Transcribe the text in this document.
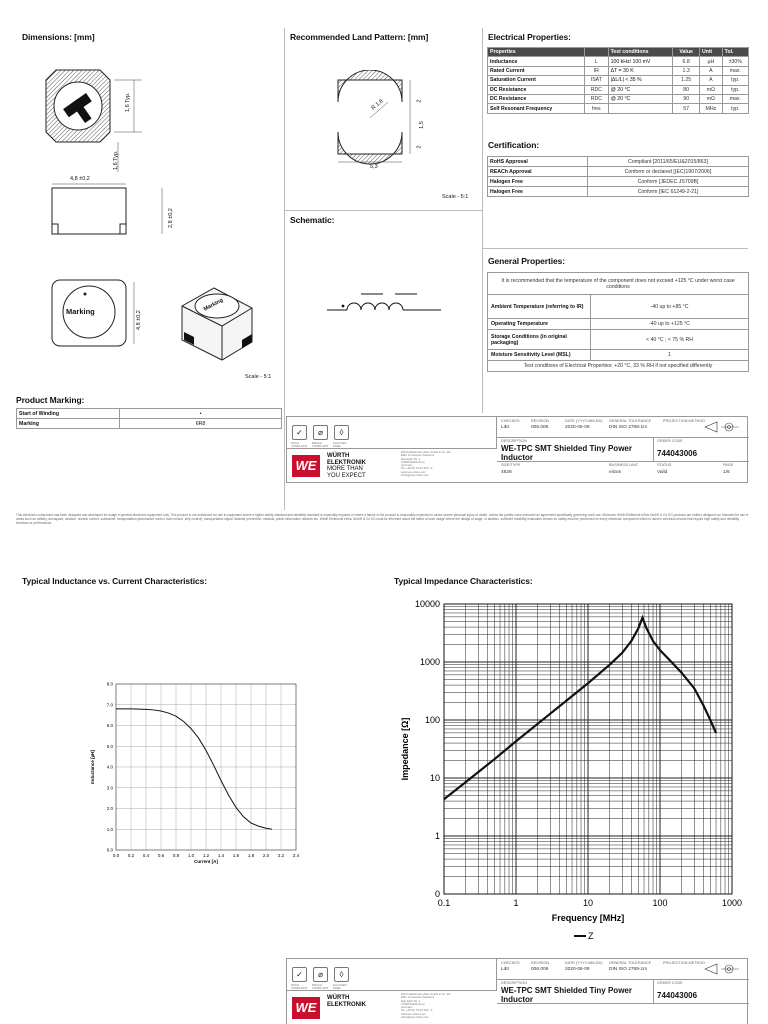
Dimensions: [mm]	Recommended Land Pattern: [mm]	Electrical Properties:
Certification:
Schematic:
General Properties:
Product Marking:
Scale - 5:1
Scale - 5:1
1,6 Typ.
1,6 Typ.
4,8 ±0,2
2,8 ±0,2
4,8 ±0,2
Marking	Marking
5,3
R 1,8	2
1,5
2
Properties		Test conditions	Value	Unit	Tol.
Inductance	L	100 kHz/ 100 mV	6.8	µH	±30%
Rated Current	IR	ΔT = 30 K	1.3	A	max.
Saturation Current	ISAT	|ΔL/L| < 35 %	1.25	A	typ.
DC Resistance	RDC	@ 20 °C	80	mΩ	typ.
DC Resistance	RDC	@ 20 °C	90	mΩ	max.
Self Resonant Frequency	fres		57	MHz	typ.
RoHS Approval	Compliant [2011/65/EU&2015/863]
REACh Approval	Conform or declared [(EC)1907/2006]
Halogen Free	Conform [JEDEC JS709B]
Halogen Free	Conform [IEC 61249-2-21]
It is recommended that the temperature of the component does not exceed +125 °C under worst case conditions	
Ambient Temperature (referring to IR)	-40 up to +85 °C
Operating Temperature	-40 up to +125 °C
Storage Conditions (in original packaging)	< 40 °C ; < 75 % RH
Moisture Sensitivity Level (MSL)	1
Test conditions of Electrical Properties: +20 °C, 33 % RH if not specified differently	
Start of Winding	•
Marking	6R8
✓	⌀	◊
ROHS COMPLIANT
REACH COMPLIANT
HALOGEN FREE
WE
WÜRTH
ELEKTRONIK
MORE THAN
YOU EXPECT
Würth Elektronik eiSos GmbH & Co. KG
EMC & Inductive Solutions
Max-Eyth-Str. 1
74638 Waldenburg
Germany
Tel. +49 (0) 79 42 945 - 0
www.we-online.com
eiSos@we-online.com
CHECKED
LiEI
REVISION
006.006
DATE (YYYY-MM-DD)
2020-06-09
GENERAL TOLERANCE
DIN ISO 2768-1m
PROJECTION METHOD
DESCRIPTION
WE-TPC SMT Shielded Tiny Power Inductor
ORDER CODE
744043006
SIZE/TYPE
4828
BUSINESS UNIT
eiSos
STATUS
Valid
PAGE
1/6
This electronic component has been designed and developed for usage in general electronic equipment only. This product is not authorized for use in equipment where a higher safety standard and reliability standard is especially required or where a failure of the product is reasonably expected to cause severe personal injury or death, unless the parties have executed an agreement specifically governing such use. Moreover Würth Elektronik eiSos GmbH & Co KG products are neither designed nor intended for use in areas such as military, aerospace, aviation, nuclear control, submarine, transportation (automotive control, train control, ship control), transportation signal, disaster prevention, medical, public information network etc. Würth Elektronik eiSos GmbH & Co KG must be informed about the intent of such usage before the design-in stage. In addition, sufficient reliability evaluation checks for safety must be performed on every electronic component which is used in electrical circuits that require high safety and reliability functions or performance.
Typical Inductance vs. Current Characteristics:	Typical Impedance Characteristics:
0.0 0.2 0.4 0.6 0.8 1.0 1.2 1.4 1.6 1.8 2.0 2.2 2.4
0.0
1.0
2.0
3.0
4.0
5.0
6.0
7.0
8.0
Current [A]
Inductance [µH]
0.1	1	10	100	1000
0
1
10
100
1000
10000
Frequency [MHz]
Impedance [Ω]
Z
✓	⌀	◊
ROHS COMPLIANT
REACH COMPLIANT
HALOGEN FREE
WE
WÜRTH
ELEKTRONIK
Würth Elektronik eiSos GmbH & Co. KG
EMC & Inductive Solutions
Max-Eyth-Str. 1
74638 Waldenburg
Germany
Tel. +49 (0) 79 42 945 - 0
www.we-online.com
eiSos@we-online.com
CHECKED
LiEI
REVISION
006.006
DATE (YYYY-MM-DD)
2020-06-09
GENERAL TOLERANCE
DIN ISO 2768-1m
PROJECTION METHOD
DESCRIPTION
WE-TPC SMT Shielded Tiny Power Inductor
ORDER CODE
744043006
